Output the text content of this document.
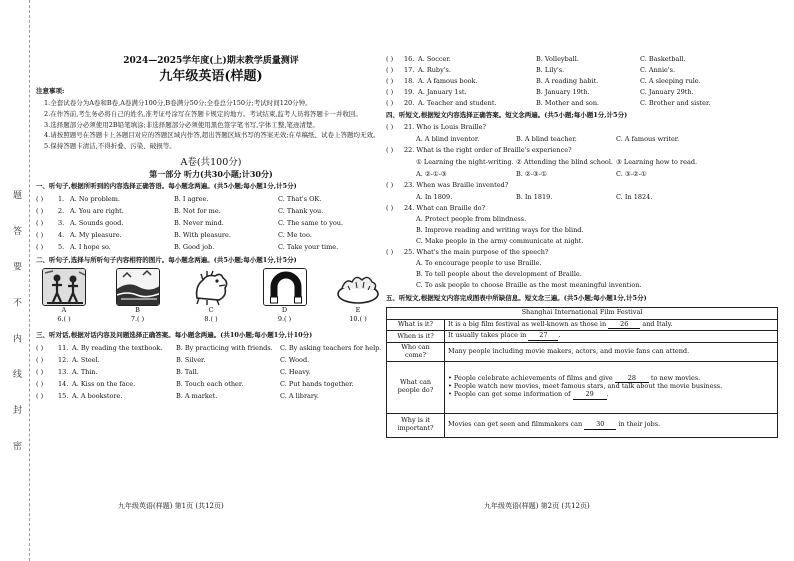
题 答 要 不 内 线 封 密
2024—2025学年度(上)期末教学质量测评
九年级英语(样题)
注意事项:
1.全套试卷分为A卷和B卷,A卷满分100分,B卷满分50分;全卷总分150分;考试时间120分钟。
2.在作答前,考生务必将自己的姓名,准考证号涂写在答题卡规定的地方。考试结束,监考人员将答题卡一并收回。
3.选择题部分必须使用2B铅笔填涂;非选择题部分必须使用黑色签字笔书写,字体工整,笔迹清楚。
4.请按照题号在答题卡上各题目对应的答题区域内作答,超出答题区域书写的答案无效;在草稿纸、试卷上答题均无效。
5.保持答题卡清洁,不得折叠、污染、破损等。
A卷(共100分)
第一部分 听力(共30小题;计30分)
一、听句子,根据所听到的内容选择正确答语。每小题念两遍。(共5小题;每小题1分,计5分)
( )	1. A. No problem.	B. I agree.	C. That's OK.
( )	2. A. You are right.	B. Not for me.	C. Thank you.
( )	3. A. Sounds good.	B. Never mind.	C. The same to you.
( )	4. A. My pleasure.	B. With pleasure.	C. Me too.
( )	5. A. I hope so.	B. Good job.	C. Take your time.
二、听句子,选择与所听句子内容相符的图片。每小题念两遍。(共5小题;每小题1分,计5分)
A
6.( )
B
7.( )
C
8.( )
D
9.( )
E
10.( )
三、听对话,根据对话内容及问题选择正确答案。每小题念两遍。(共10小题;每小题1分,计10分)
( )	11. A. By reading the textbook.	B. By practicing with friends.	C. By asking teachers for help.
( )	12. A. Steel.	B. Silver.	C. Wood.
( )	13. A. Thin.	B. Tall.	C. Heavy.
( )	14. A. Kiss on the face.	B. Touch each other.	C. Put hands together.
( )	15. A. A bookstore.	B. A market.	C. A library.
九年级英语(样题) 第1页 (共12页)
( )	16. A. Soccer.	B. Volleyball.	C. Basketball.
( )	17. A. Ruby's.	B. Lily's.	C. Annie's.
( )	18. A. A famous book.	B. A reading habit.	C. A sleeping rule.
( )	19. A. January 1st.	B. January 19th.	C. January 29th.
( )	20. A. Teacher and student.	B. Mother and son.	C. Brother and sister.
四、听短文,根据短文内容选择正确答案。短文念两遍。(共5小题;每小题1分,计5分)
( )	21. Who is Louis Braille?
A. A blind inventor.	B. A blind teacher.	C. A famous writer.
( )	22. What is the right order of Braille's experience?
① Learning the night-writing. ② Attending the blind school. ③ Learning how to read.
A. ②-①-③	B. ②-③-①	C. ③-②-①
( )	23. When was Braille invented?
A. In 1809.	B. In 1819.	C. In 1824.
( )	24. What can Braille do?
A. Protect people from blindness.
B. Improve reading and writing ways for the blind.
C. Make people in the army communicate at night.
( )	25. What's the main purpose of the speech?
A. To encourage people to use Braille.
B. To tell people about the development of Braille.
C. To ask people to choose Braille as the most meaningful invention.
五、听短文,根据短文内容完成图表中所缺信息。短文念三遍。(共5小题;每小题1分,计5分)
Shanghai International Film Festival	
What is it?	It is a big film festival as well-known as those in 26 and Italy.
When is it?	It usually takes place in 27 .
Who can come?	Many people including movie makers, actors, and movie fans can attend.
What can people do?	• People celebrate achievements of films and give 28 to new movies.
• People watch new movies, meet famous stars, and talk about the movie business.
• People can get some information of 29 .

Why is it important?	Movies can get seen and filmmakers can 30 in their jobs.
九年级英语(样题) 第2页 (共12页)
